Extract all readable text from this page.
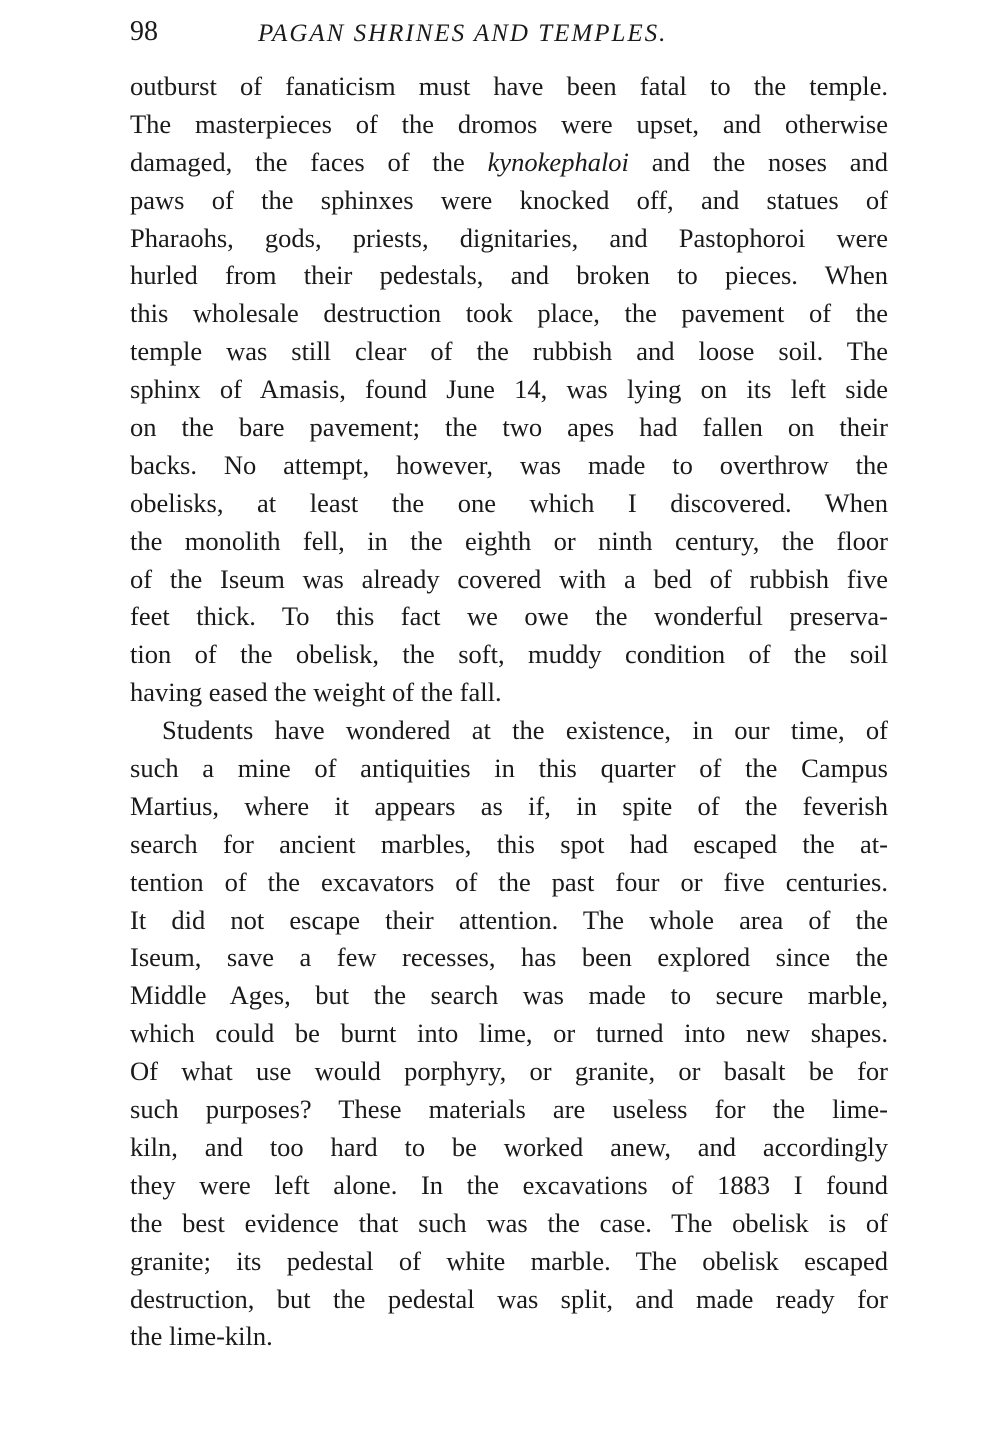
98	PAGAN SHRINES AND TEMPLES.
outburst of fanaticism must have been fatal to the temple.
The masterpieces of the dromos were upset, and otherwise
damaged, the faces of the kynokephaloi and the noses and
paws of the sphinxes were knocked off, and statues of
Pharaohs, gods, priests, dignitaries, and Pastophoroi were
hurled from their pedestals, and broken to pieces. When
this wholesale destruction took place, the pavement of the
temple was still clear of the rubbish and loose soil. The
sphinx of Amasis, found June 14, was lying on its left side
on the bare pavement; the two apes had fallen on their
backs. No attempt, however, was made to overthrow the
obelisks, at least the one which I discovered. When
the monolith fell, in the eighth or ninth century, the floor
of the Iseum was already covered with a bed of rubbish five
feet thick. To this fact we owe the wonderful preserva-
tion of the obelisk, the soft, muddy condition of the soil
having eased the weight of the fall.
Students have wondered at the existence, in our time, of
such a mine of antiquities in this quarter of the Campus
Martius, where it appears as if, in spite of the feverish
search for ancient marbles, this spot had escaped the at-
tention of the excavators of the past four or five centuries.
It did not escape their attention. The whole area of the
Iseum, save a few recesses, has been explored since the
Middle Ages, but the search was made to secure marble,
which could be burnt into lime, or turned into new shapes.
Of what use would porphyry, or granite, or basalt be for
such purposes? These materials are useless for the lime-
kiln, and too hard to be worked anew, and accordingly
they were left alone. In the excavations of 1883 I found
the best evidence that such was the case. The obelisk is of
granite; its pedestal of white marble. The obelisk escaped
destruction, but the pedestal was split, and made ready for
the lime-kiln.
